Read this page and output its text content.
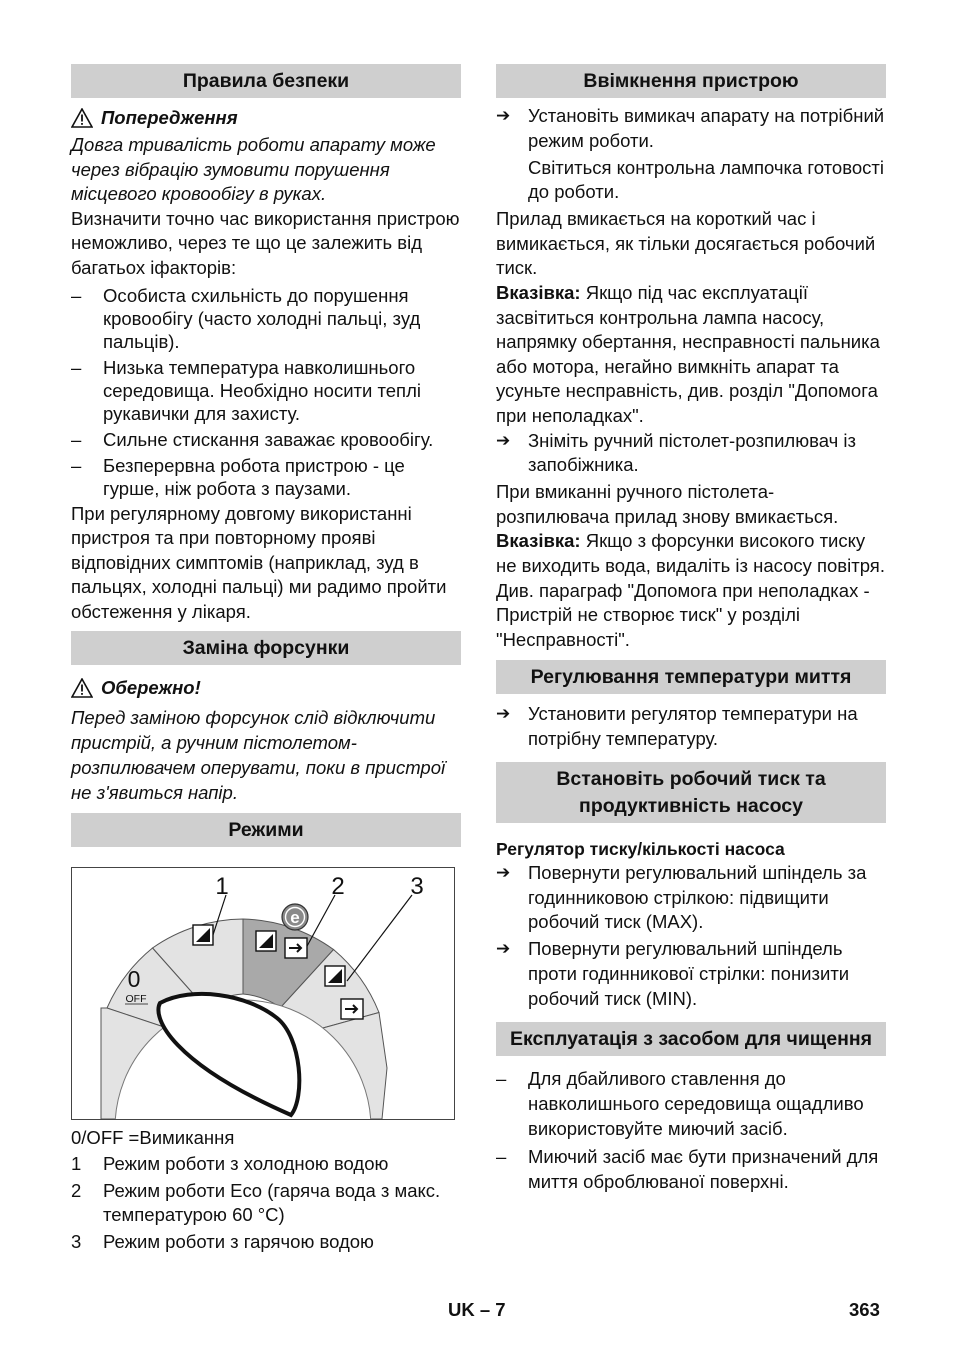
Правила безпеки
Попередження

Довга тривалість роботи апарату може через вібрацію зумовити порушення місцевого кровообігу в руках.

Визначити точно час використання пристрою неможливо, через те що це залежить від багатьох іфакторів:

–	Особиста схильність до порушення кровообігу (часто холодні пальці, зуд пальців).
–	Низька температура навколишнього середовища. Необхідно носити теплі рукавички для захисту.
–	Сильне стискання заважає кровообігу.
–	Безперервна робота пристрою - це гурше, ніж робота з паузами.

При регулярному довгому використанні пристроя та при повторному прояві відповідних симптомів (наприклад, зуд в пальцях, холодні пальці) ми радимо пройти обстеження у лікаря.

Заміна форсунки
Обережно!

Перед заміною форсунок слід відключити пристрій, а ручним пістолетом-розпилювачем оперувати, поки в пристрої не з'явиться напір.

Режими
e
0
OFF
1	2	3
0/OFF = Вимикання
1	Режим роботи з холодною водою
2	Режим роботи Eco (гаряча вода з макс. температурою 60 °C)
3	Режим роботи з гарячою водою
Ввімкнення пристрою
➔ Установіть вимикач апарату на потрібний режим роботи.
Світиться контрольна лампочка готовості до роботи.

Прилад вмикається на короткий час і вимикається, як тільки досягається робочий тиск.

Вказівка: Якщо під час експлуатації засвітиться контрольна лампа насосу, напрямку обертання, несправності пальника або мотора, негайно вимкніть апарат та усуньте несправність, див. розділ "Допомога при неполадках".

➔ Зніміть ручний пістолет-розпилювач із запобіжника.

При вмиканні ручного пістолета-розпилювача прилад знову вмикається.

Вказівка: Якщо з форсунки високого тиску не виходить вода, видаліть із насосу повітря. Див. параграф "Допомога при неполадках - Пристрій не створює тиск" у розділі "Несправності".

Регулювання температури миття
➔ Установити регулятор температури на потрібну температуру.
Встановіть робочий тиск та продуктивність насосу
Регулятор тиску/кількості насоса
➔ Повернути регулювальний шпіндель за годинниковою стрілкою: підвищити робочий тиск (MAX).
➔ Повернути регулювальний шпіндель проти годинникової стрілки: понизити робочий тиск (MIN).
Експлуатація з засобом для чищення
–	Для дбайливого ставлення до навколишнього середовища ощадливо використовуйте миючий засіб.
–	Миючий засіб має бути призначений для миття оброблюваної поверхні.
UK – 7	363
